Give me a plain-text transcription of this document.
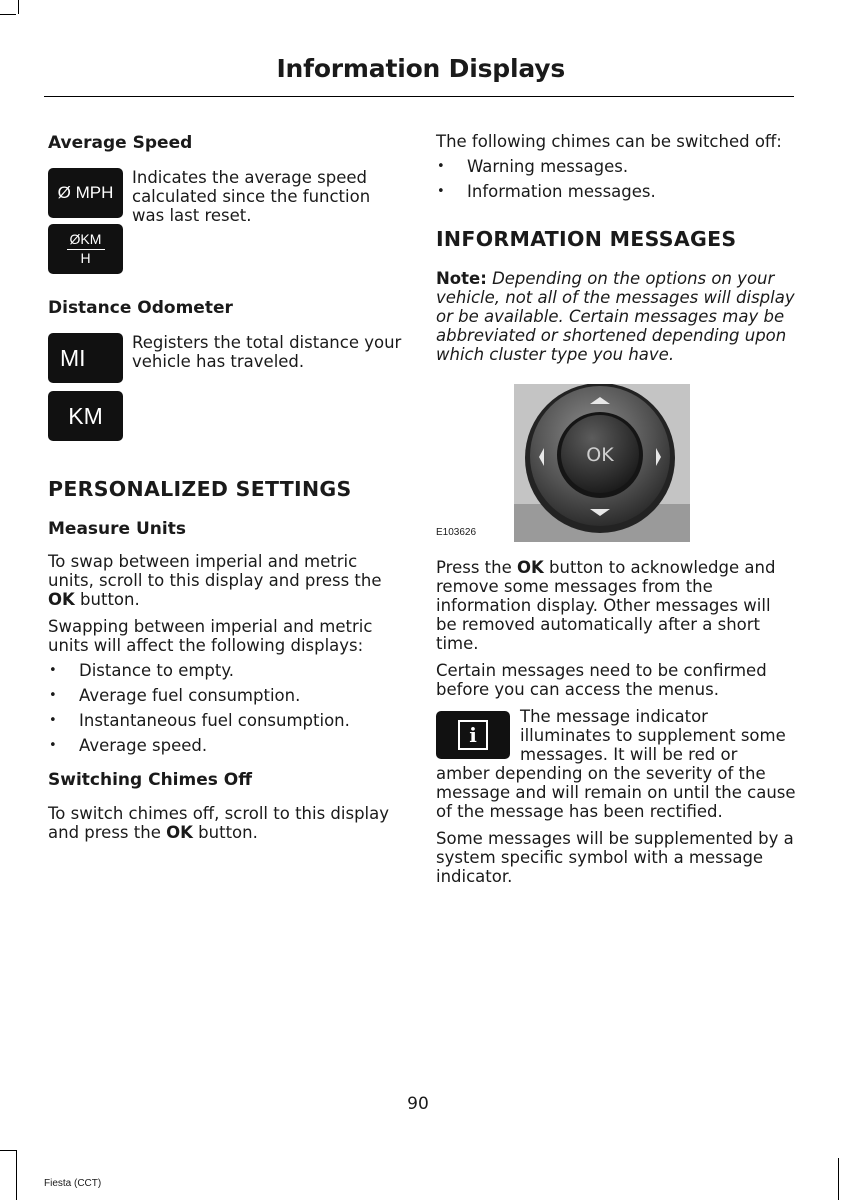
Information Displays
Average Speed
Ø MPH
ØKM
H

Indicates the average speed calculated since the function was last reset.

Distance Odometer
MI
KM

Registers the total distance your vehicle has traveled.

PERSONALIZED SETTINGS
Measure Units

To swap between imperial and metric units, scroll to this display and press the OK button.

Swapping between imperial and metric units will affect the following displays:

• Distance to empty.
• Average fuel consumption.
• Instantaneous fuel consumption.
• Average speed.
Switching Chimes Off

To switch chimes off, scroll to this display and press the OK button.

The following chimes can be switched off:

• Warning messages.
• Information messages.
INFORMATION MESSAGES

Note: Depending on the options on your vehicle, not all of the messages will display or be available. Certain messages may be abbreviated or shortened depending upon which cluster type you have.

OK
E103626

Press the OK button to acknowledge and remove some messages from the information display. Other messages will be removed automatically after a short time.

Certain messages need to be confirmed before you can access the menus.

i

The message indicator illuminates to supplement some messages. It will be red or amber depending on the severity of the message and will remain on until the cause of the message has been rectified.

Some messages will be supplemented by a system specific symbol with a message indicator.

90
Fiesta (CCT)
